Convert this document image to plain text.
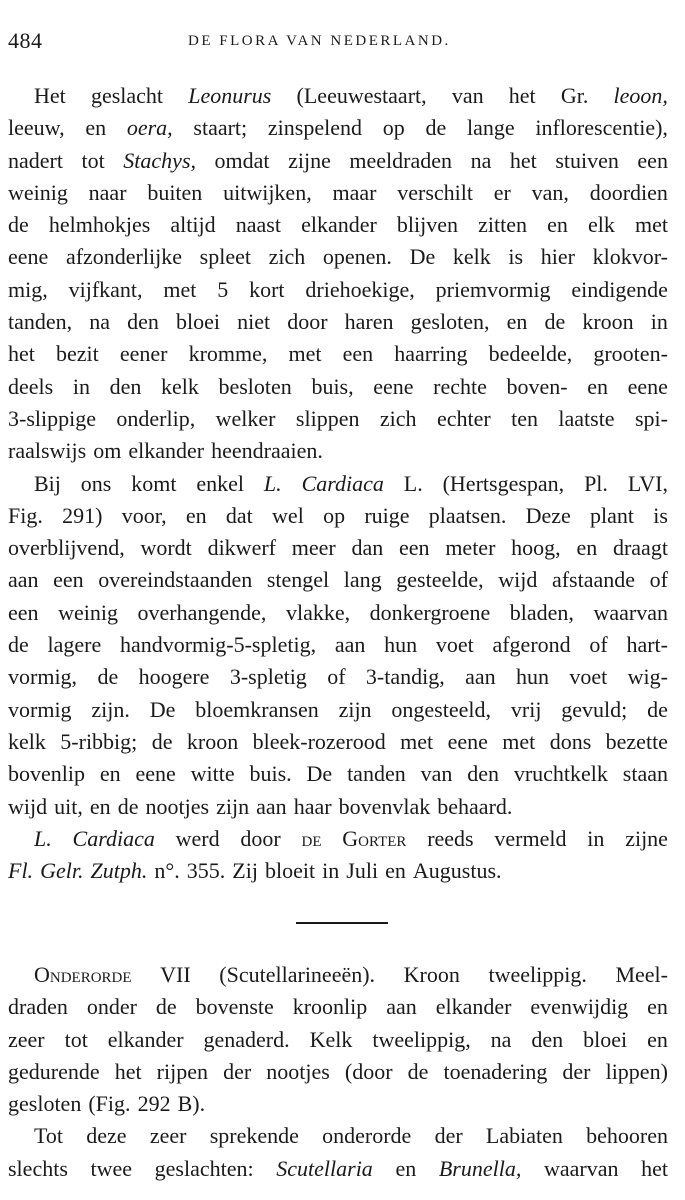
484	DE FLORA VAN NEDERLAND.
Het geslacht Leonurus (Leeuwestaart, van het Gr. leoon,
leeuw, en oera, staart; zinspelend op de lange inflorescentie),
nadert tot Stachys, omdat zijne meeldraden na het stuiven een
weinig naar buiten uitwijken, maar verschilt er van, doordien
de helmhokjes altijd naast elkander blijven zitten en elk met
eene afzonderlijke spleet zich openen. De kelk is hier klokvor-
mig, vijfkant, met 5 kort driehoekige, priemvormig eindigende
tanden, na den bloei niet door haren gesloten, en de kroon in
het bezit eener kromme, met een haarring bedeelde, grooten-
deels in den kelk besloten buis, eene rechte boven- en eene
3-slippige onderlip, welker slippen zich echter ten laatste spi-
raalswijs om elkander heendraaien.
Bij ons komt enkel L. Cardiaca L. (Hertsgespan, Pl. LVI,
Fig. 291) voor, en dat wel op ruige plaatsen. Deze plant is
overblijvend, wordt dikwerf meer dan een meter hoog, en draagt
aan een overeindstaanden stengel lang gesteelde, wijd afstaande of
een weinig overhangende, vlakke, donkergroene bladen, waarvan
de lagere handvormig-5-spletig, aan hun voet afgerond of hart-
vormig, de hoogere 3-spletig of 3-tandig, aan hun voet wig-
vormig zijn. De bloemkransen zijn ongesteeld, vrij gevuld; de
kelk 5-ribbig; de kroon bleek-rozerood met eene met dons bezette
bovenlip en eene witte buis. De tanden van den vruchtkelk staan
wijd uit, en de nootjes zijn aan haar bovenvlak behaard.
L. Cardiaca werd door de Gorter reeds vermeld in zijne
Fl. Gelr. Zutph. n°. 355. Zij bloeit in Juli en Augustus.
Onderorde VII (Scutellarineeën). Kroon tweelippig. Meel-
draden onder de bovenste kroonlip aan elkander evenwijdig en
zeer tot elkander genaderd. Kelk tweelippig, na den bloei en
gedurende het rijpen der nootjes (door de toenadering der lippen)
gesloten (Fig. 292 B).
Tot deze zeer sprekende onderorde der Labiaten behooren
slechts twee geslachten: Scutellaria en Brunella, waarvan het
